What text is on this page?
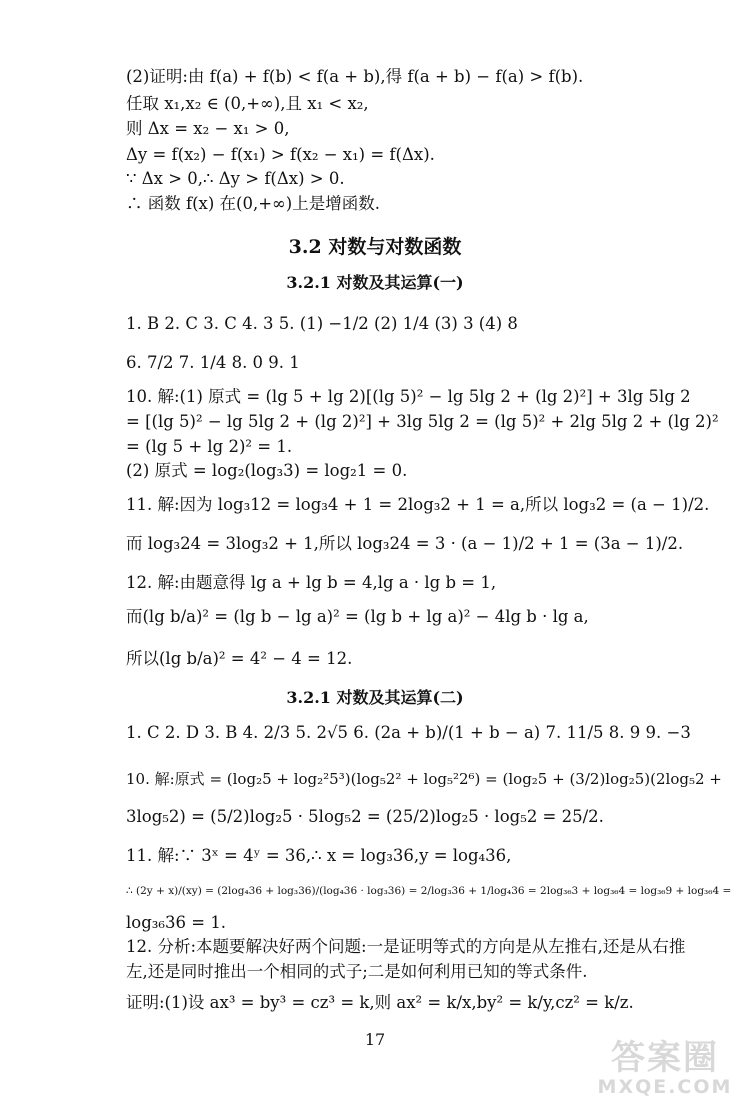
(2)证明:由 f(a) + f(b) < f(a + b),得 f(a + b) − f(a) > f(b).
任取 x₁,x₂ ∈ (0,+∞),且 x₁ < x₂,
则 Δx = x₂ − x₁ > 0,
Δy = f(x₂) − f(x₁) > f(x₂ − x₁) = f(Δx).
∵ Δx > 0,∴ Δy > f(Δx) > 0.
∴ 函数 f(x) 在(0,+∞)上是增函数.
3.2 对数与对数函数
3.2.1 对数及其运算(一)
1. B 2. C 3. C 4. 3 5. (1) −1/2 (2) 1/4 (3) 3 (4) 8
6. 7/2 7. 1/4 8. 0 9. 1
10. 解:(1) 原式 = (lg 5 + lg 2)[(lg 5)² − lg 5lg 2 + (lg 2)²] + 3lg 5lg 2
= [(lg 5)² − lg 5lg 2 + (lg 2)²] + 3lg 5lg 2 = (lg 5)² + 2lg 5lg 2 + (lg 2)²
= (lg 5 + lg 2)² = 1.
(2) 原式 = log₂(log₃3) = log₂1 = 0.
11. 解:因为 log₃12 = log₃4 + 1 = 2log₃2 + 1 = a,所以 log₃2 = (a − 1)/2.
而 log₃24 = 3log₃2 + 1,所以 log₃24 = 3 · (a − 1)/2 + 1 = (3a − 1)/2.
12. 解:由题意得 lg a + lg b = 4,lg a · lg b = 1,
而(lg b/a)² = (lg b − lg a)² = (lg b + lg a)² − 4lg b · lg a,
所以(lg b/a)² = 4² − 4 = 12.
3.2.1 对数及其运算(二)
1. C 2. D 3. B 4. 2/3 5. 2√5 6. (2a + b)/(1 + b − a) 7. 11/5 8. 9 9. −3
10. 解:原式 = (log₂5 + log₂²5³)(log₅2² + log₅²2⁶) = (log₂5 + (3/2)log₂5)(2log₅2 +
3log₅2) = (5/2)log₂5 · 5log₅2 = (25/2)log₂5 · log₅2 = 25/2.
11. 解:∵ 3ˣ = 4ʸ = 36,∴ x = log₃36,y = log₄36,
∴ (2y + x)/(xy) = (2log₄36 + log₃36)/(log₄36 · log₃36) = 2/log₃36 + 1/log₄36 = 2log₃₆3 + log₃₆4 = log₃₆9 + log₃₆4 =
log₃₆36 = 1.
12. 分析:本题要解决好两个问题:一是证明等式的方向是从左推右,还是从右推
左,还是同时推出一个相同的式子;二是如何利用已知的等式条件.
证明:(1)设 ax³ = by³ = cz³ = k,则 ax² = k/x,by² = k/y,cz² = k/z.
17	答案圈
MXQE.COM
